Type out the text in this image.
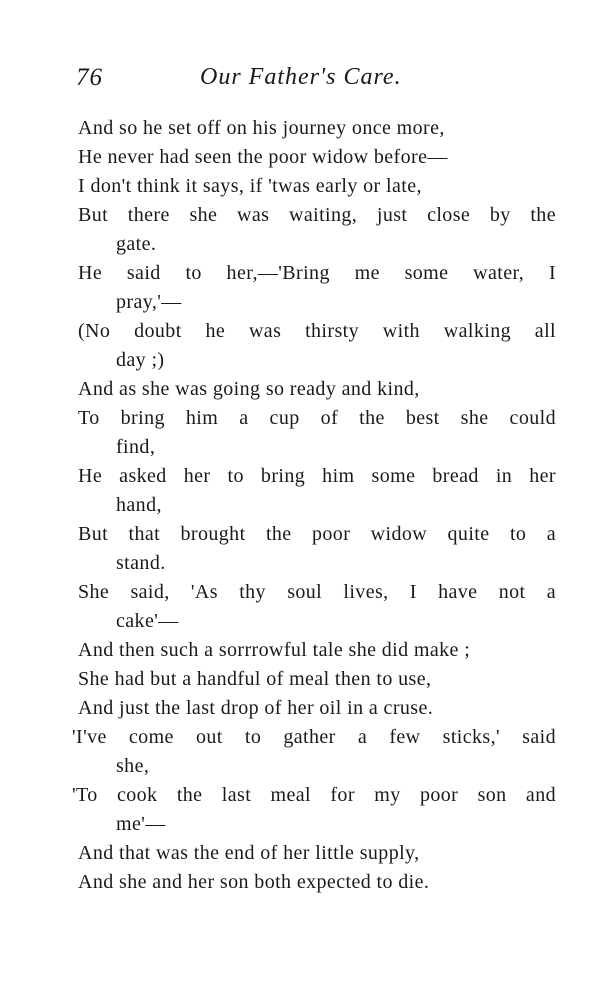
76	Our Father's Care.
And so he set off on his journey once more,
He never had seen the poor widow before—
I don't think it says, if 'twas early or late,
But there she was waiting, just close by the
gate.
He said to her,—'Bring me some water, I
pray,'—
(No doubt he was thirsty with walking all
day ;)
And as she was going so ready and kind,
To bring him a cup of the best she could
find,
He asked her to bring him some bread in her
hand,
But that brought the poor widow quite to a
stand.
She said, 'As thy soul lives, I have not a
cake'—
And then such a sorrrowful tale she did make ;
She had but a handful of meal then to use,
And just the last drop of her oil in a cruse.
'I've come out to gather a few sticks,' said
she,
'To cook the last meal for my poor son and
me'—
And that was the end of her little supply,
And she and her son both expected to die.
